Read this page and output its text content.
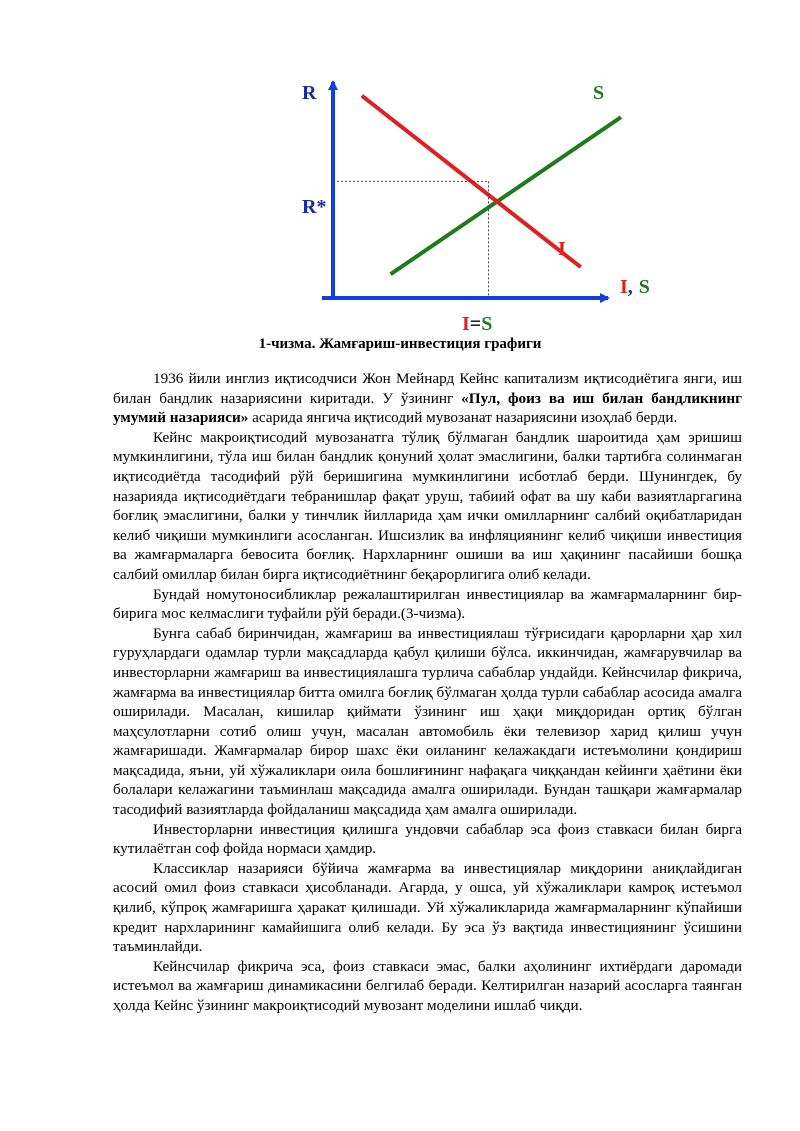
R
R*
S
I
I, S
I=S
1-чизма. Жамғариш-инвестиция графиги

1936 йили инглиз иқтисодчиси Жон Мейнард Кейнс капитализм иқтисодиётига янги, иш билан бандлик назариясини киритади. У ўзининг «Пул, фоиз ва иш билан бандликнинг умумий назарияси» асарида янгича иқтисодий мувозанат назариясини изоҳлаб берди.

Кейнс макроиқтисодий мувозанатга тўлиқ бўлмаган бандлик шароитида ҳам эришиш мумкинлигини, тўла иш билан бандлик қонуний ҳолат эмаслигини, балки тартибга солинмаган иқтисодиётда тасодифий рўй беришигина мумкинлигини исботлаб берди. Шунингдек, бу назарияда иқтисодиётдаги тебранишлар фақат уруш, табиий офат ва шу каби вазиятларгагина боғлиқ эмаслигини, балки у тинчлик йилларида ҳам ички омилларнинг салбий оқибатларидан келиб чиқиши мумкинлиги асосланган. Ишсизлик ва инфляциянинг келиб чиқиши инвестиция ва жамғармаларга бевосита боғлиқ. Нархларнинг ошиши ва иш ҳақининг пасайиши бошқа салбий омиллар билан бирга иқтисодиётнинг беқарорлигига олиб келади.

Бундай номутоносибликлар режалаштирилган инвестициялар ва жамғармаларнинг бир-бирига мос келмаслиги туфайли рўй беради.(3-чизма).

Бунга сабаб биринчидан, жамғариш ва инвестициялаш тўғрисидаги қарорларни ҳар хил гуруҳлардаги одамлар турли мақсадларда қабул қилиши бўлса. иккинчидан, жамғарувчилар ва инвесторларни жамғариш ва инвестициялашга турлича сабаблар ундайди. Кейнсчилар фикрича, жамғарма ва инвестициялар битта омилга боғлиқ бўлмаган ҳолда турли сабаблар асосида амалга оширилади. Масалан, кишилар қиймати ўзининг иш ҳақи миқдоридан ортиқ бўлган маҳсулотларни сотиб олиш учун, масалан автомобиль ёки телевизор харид қилиш учун жамғаришади. Жамғармалар бирор шахс ёки оиланинг келажакдаги истеъмолини қондириш мақсадида, яъни, уй хўжаликлари оила бошлиғининг нафақага чиққандан кейинги ҳаётини ёки болалари келажагини таъминлаш мақсадида амалга оширилади. Бундан ташқари жамғармалар тасодифий вазиятларда фойдаланиш мақсадида ҳам амалга оширилади.

Инвесторларни инвестиция қилишга ундовчи сабаблар эса фоиз ставкаси билан бирга кутилаётган соф фойда нормаси ҳамдир.

Классиклар назарияси бўйича жамғарма ва инвестициялар миқдорини аниқлайдиган асосий омил фоиз ставкаси ҳисобланади. Агарда, у ошса, уй хўжаликлари камроқ истеъмол қилиб, кўпроқ жамғаришга ҳаракат қилишади. Уй хўжаликларида жамғармаларнинг кўпайиши кредит нархларининг камайишига олиб келади. Бу эса ўз вақтида инвестициянинг ўсишини таъминлайди.

Кейнсчилар фикрича эса, фоиз ставкаси эмас, балки аҳолининг ихтиёрдаги даромади истеъмол ва жамғариш динамикасини белгилаб беради. Келтирилган назарий асосларга таянган ҳолда Кейнс ўзининг макроиқтисодий мувозант моделини ишлаб чиқди.
